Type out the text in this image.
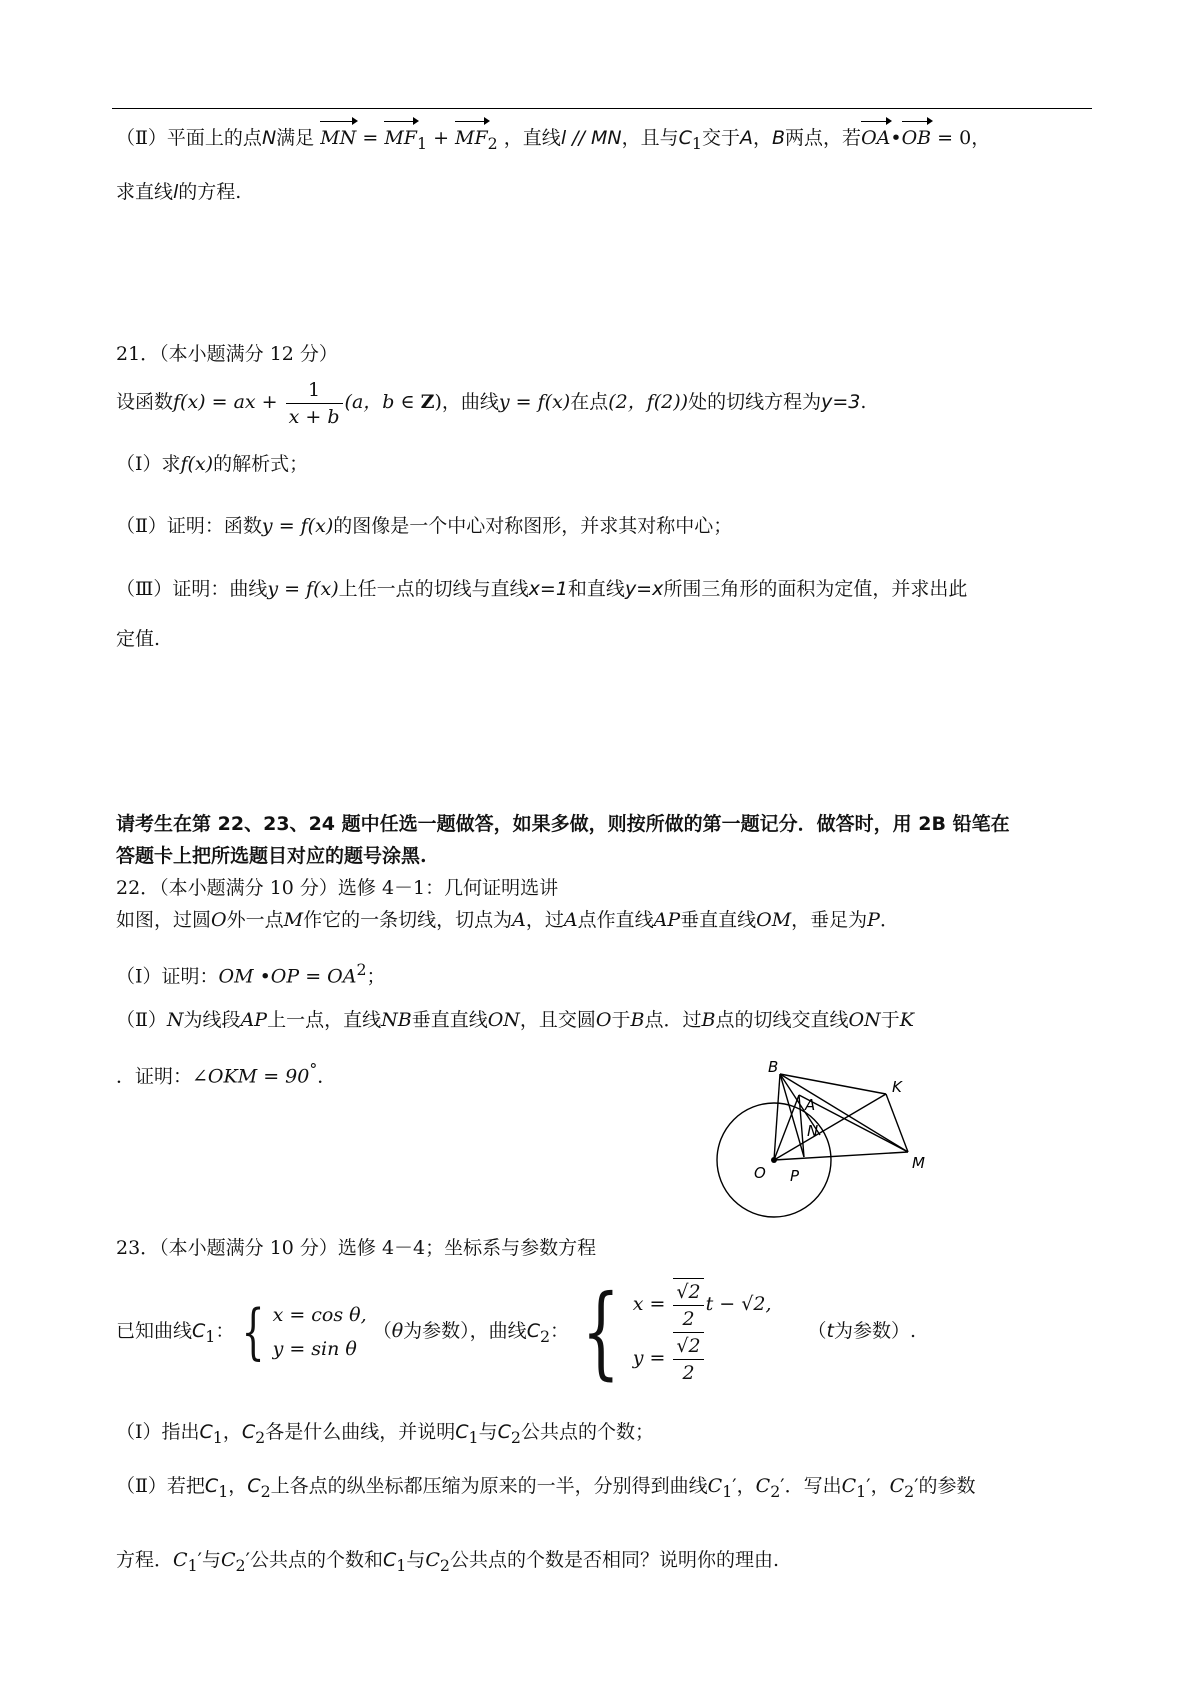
（Ⅱ）平面上的点N满足 MN = $MF_1 + MF_2$ ，直线l // MN，且与$C_1$交于A，B两点，若OA•OB = 0，
求直线l的方程.
21．（本小题满分 12 分）
设函数f(x) = ax + $\frac{1}{x + b} (a$，b ∈ Z)，曲线y = f(x)在点(2，f(2))处的切线方程为y=3.
（Ⅰ）求f(x)的解析式；
（Ⅱ）证明：函数y = f(x)的图像是一个中心对称图形，并求其对称中心；
（Ⅲ）证明：曲线y = f(x)上任一点的切线与直线x=1和直线y=x所围三角形的面积为定值，并求出此
定值.
请考生在第 22、23、24 题中任选一题做答，如果多做，则按所做的第一题记分．做答时，用 2B 铅笔在
答题卡上把所选题目对应的题号涂黑.
22．（本小题满分 10 分）选修 4－1：几何证明选讲
如图，过圆O外一点M作它的一条切线，切点为A，过A点作直线AP垂直直线OM，垂足为P．
（Ⅰ）证明：OM •OP = $OA^2$；
（Ⅱ）N为线段AP上一点，直线NB垂直直线ON，且交圆O于B点．过B点的切线交直线ON于K
．证明：∠OKM = 90°．	B
K
A
N
O P
M
23．（本小题满分 10 分）选修 4－4；坐标系与参数方程
已知曲线$C_1$： { x = cos θ,
y = sin θ
（θ为参数），曲线$C_2$： { $x = \frac{√2}{2}$ t − √2,
$y = \frac{√2}{2}$
（t为参数）.
（Ⅰ）指出$C_1$，$C_2$各是什么曲线，并说明$C_1$与$C_2$公共点的个数；
（Ⅱ）若把$C_1$，$C_2$上各点的纵坐标都压缩为原来的一半，分别得到曲线$C_1'$，$C_2'$．写出$C_1'$，$C_2'$的参数
方程．$C_1'$与$C_2'$公共点的个数和$C_1$与$C_2$公共点的个数是否相同？说明你的理由.
